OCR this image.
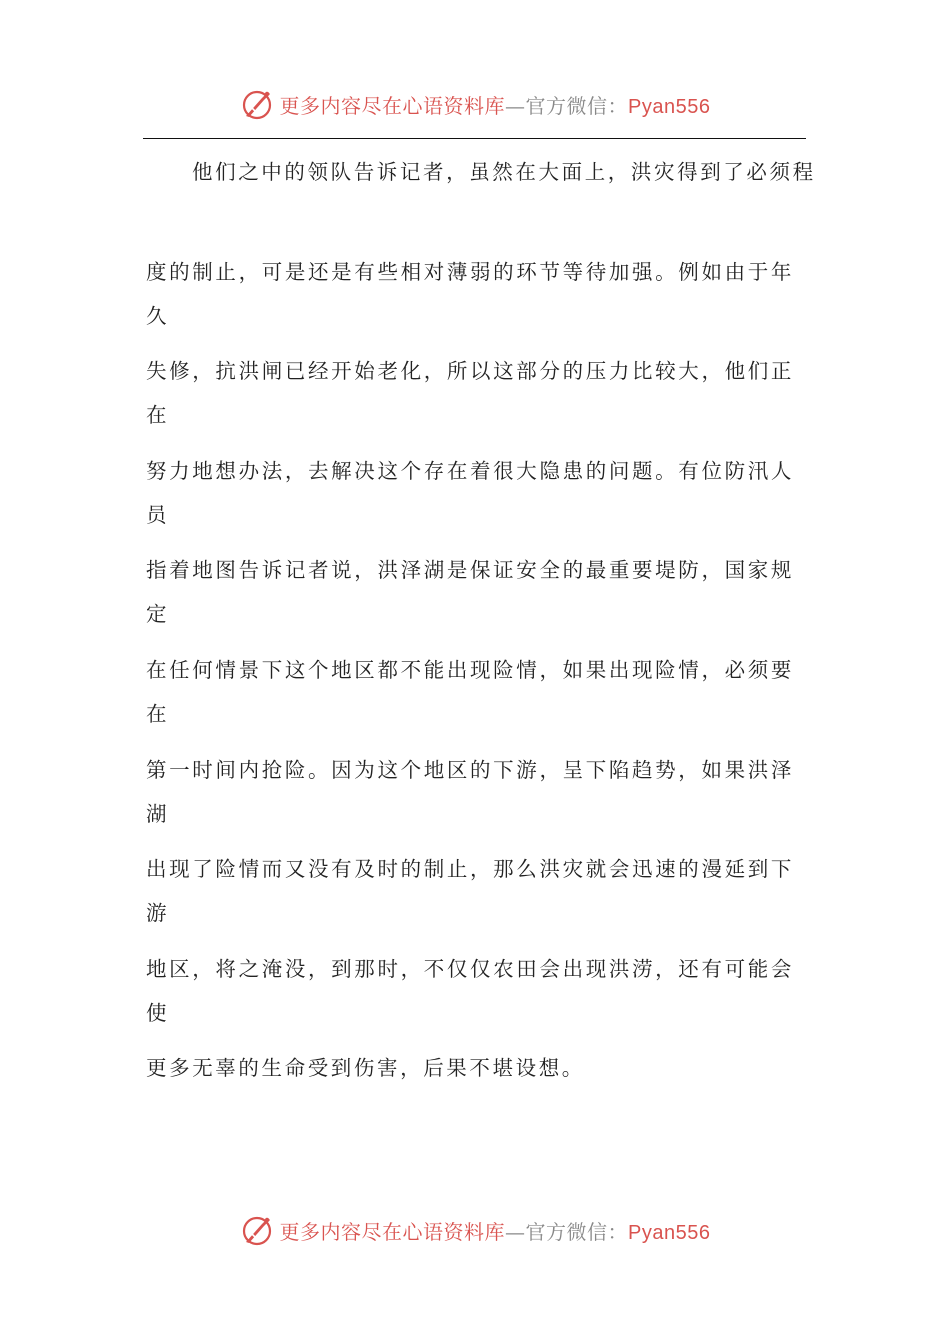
更多内容尽在心语资料库—官方微信：Pyan556
他们之中的领队告诉记者，虽然在大面上，洪灾得到了必须程
度的制止，可是还是有些相对薄弱的环节等待加强。例如由于年久
失修，抗洪闸已经开始老化，所以这部分的压力比较大，他们正在
努力地想办法，去解决这个存在着很大隐患的问题。有位防汛人员
指着地图告诉记者说，洪泽湖是保证安全的最重要堤防，国家规定
在任何情景下这个地区都不能出现险情，如果出现险情，必须要在
第一时间内抢险。因为这个地区的下游，呈下陷趋势，如果洪泽湖
出现了险情而又没有及时的制止，那么洪灾就会迅速的漫延到下游
地区，将之淹没，到那时，不仅仅农田会出现洪涝，还有可能会使
更多无辜的生命受到伤害，后果不堪设想。
更多内容尽在心语资料库—官方微信：Pyan556
